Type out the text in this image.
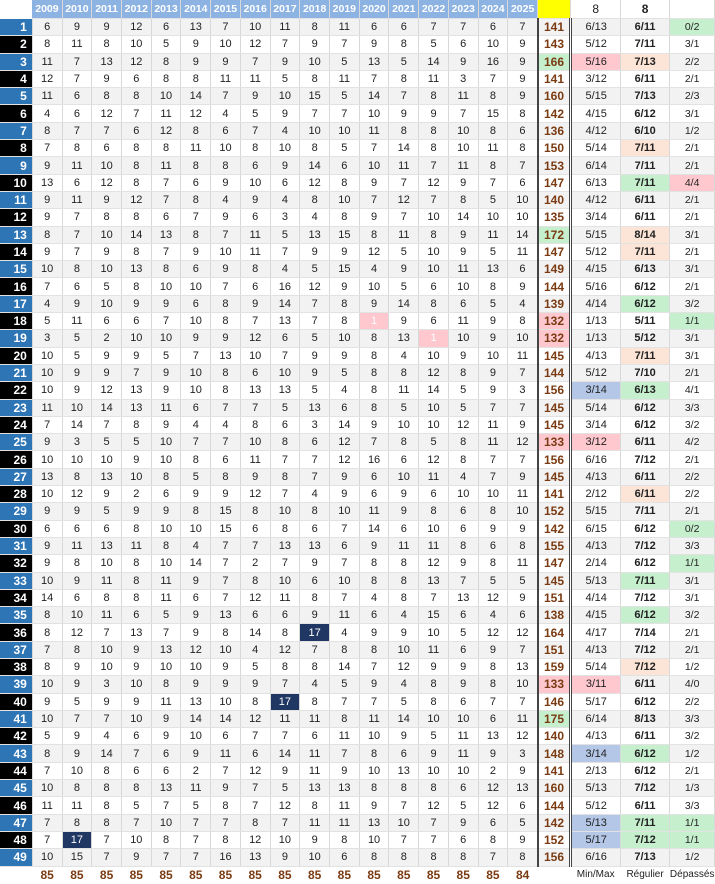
	2009	2010	2011	2012	2013	2014	2015	2016	2017	2018	2019	2020	2021	2022	2023	2024	2025		8	8	
1	6	9	9	12	6	13	7	10	11	8	11	6	6	7	7	6	7	141	6/13	6/11	0/2
2	8	11	8	10	5	9	10	12	7	9	7	9	8	5	6	10	9	143	5/12	7/11	3/1
3	11	7	13	12	8	9	9	7	9	10	5	13	5	14	9	16	9	166	5/16	7/13	2/2
4	12	7	9	6	8	8	11	11	5	8	11	7	8	11	3	7	9	141	3/12	6/11	2/1
5	11	6	8	8	10	14	7	9	10	15	5	14	7	8	11	8	9	160	5/15	7/13	2/3
6	4	6	12	7	11	12	4	5	9	7	7	10	9	9	7	15	8	142	4/15	6/12	3/1
7	8	7	7	6	12	8	6	7	4	10	10	11	8	8	10	8	6	136	4/12	6/10	1/2
8	7	8	6	8	8	11	10	8	10	8	5	7	14	8	10	11	8	150	5/14	7/11	2/1
9	9	11	10	8	11	8	8	6	9	14	6	10	11	7	11	8	7	153	6/14	7/11	2/1
10	13	6	12	8	7	6	9	10	6	12	8	9	7	12	9	7	6	147	6/13	7/11	4/4
11	9	11	9	12	7	8	4	9	4	8	10	7	12	7	8	5	10	140	4/12	6/11	2/1
12	9	7	8	8	6	7	9	6	3	4	8	9	7	10	14	10	10	135	3/14	6/11	2/1
13	8	7	10	14	13	8	7	11	5	13	15	8	11	8	9	11	14	172	5/15	8/14	3/1
14	9	7	9	8	7	9	10	11	7	9	9	12	5	10	9	5	11	147	5/12	7/11	2/1
15	10	8	10	13	8	6	9	8	4	5	15	4	9	10	11	13	6	149	4/15	6/13	3/1
16	7	6	5	8	10	10	7	6	16	12	9	10	5	6	10	8	9	144	5/16	6/12	2/1
17	4	9	10	9	9	6	8	9	14	7	8	9	14	8	6	5	4	139	4/14	6/12	3/2
18	5	11	6	6	7	10	8	7	13	7	8	1	9	6	11	9	8	132	1/13	5/11	1/1
19	3	5	2	10	10	9	9	12	6	5	10	8	13	1	10	9	10	132	1/13	5/12	3/1
20	10	5	9	9	5	7	13	10	7	9	9	8	4	10	9	10	11	145	4/13	7/11	3/1
21	10	9	9	7	9	10	8	6	10	9	5	8	8	12	8	9	7	144	5/12	7/10	2/1
22	10	9	12	13	9	10	8	13	13	5	4	8	11	14	5	9	3	156	3/14	6/13	4/1
23	11	10	14	13	11	6	7	7	5	13	6	8	5	10	5	7	7	145	5/14	6/12	3/3
24	7	14	7	8	9	4	4	8	6	3	14	9	10	10	12	11	9	145	3/14	6/12	3/2
25	9	3	5	5	10	7	7	10	8	6	12	7	8	5	8	11	12	133	3/12	6/11	4/2
26	10	10	10	9	10	8	6	11	7	7	12	16	6	12	8	7	7	156	6/16	7/12	2/1
27	13	8	13	10	8	5	8	9	8	7	9	6	10	11	4	7	9	145	4/13	6/11	2/2
28	10	12	9	2	6	9	9	12	7	4	9	6	9	6	10	10	11	141	2/12	6/11	2/2
29	9	9	5	9	9	8	15	8	10	8	10	11	9	8	6	8	10	152	5/15	7/11	2/1
30	6	6	6	8	10	10	15	6	8	6	7	14	6	10	6	9	9	142	6/15	6/12	0/2
31	9	11	13	11	8	4	7	7	13	13	6	9	11	11	8	6	8	155	4/13	7/12	3/3
32	9	8	10	8	10	14	7	2	7	9	7	8	8	12	9	8	11	147	2/14	6/12	1/1
33	10	9	11	8	11	9	7	8	10	6	10	8	8	13	7	5	5	145	5/13	7/11	3/1
34	14	6	8	8	11	6	7	12	11	8	7	4	8	7	13	12	9	151	4/14	7/12	3/1
35	8	10	11	6	5	9	13	6	6	9	11	6	4	15	6	4	6	138	4/15	6/12	3/2
36	8	12	7	13	7	9	8	14	8	17	4	9	9	10	5	12	12	164	4/17	7/14	2/1
37	7	8	10	9	13	12	10	4	12	7	8	8	10	11	6	9	7	151	4/13	7/12	2/1
38	8	9	10	9	10	10	9	5	8	8	14	7	12	9	9	8	13	159	5/14	7/12	1/2
39	10	9	3	10	8	9	9	9	7	4	5	9	4	8	9	8	10	133	3/11	6/11	4/0
40	9	5	9	9	11	13	10	8	17	8	7	7	5	8	6	7	7	146	5/17	6/12	2/2
41	10	7	7	10	9	14	14	12	11	11	8	11	14	10	10	6	11	175	6/14	8/13	3/3
42	5	9	4	6	9	10	6	7	7	6	11	10	9	5	11	13	12	140	4/13	6/11	3/2
43	8	9	14	7	6	9	11	6	14	11	7	8	6	9	11	9	3	148	3/14	6/12	1/2
44	7	10	8	6	6	2	7	12	9	11	9	10	13	10	10	2	9	141	2/13	6/12	2/1
45	10	8	8	8	13	11	9	7	5	13	13	8	8	8	6	12	13	160	5/13	7/12	1/3
46	11	11	8	5	7	5	8	7	12	8	11	9	7	12	5	12	6	144	5/12	6/11	3/3
47	7	8	8	7	10	7	7	8	7	11	11	13	10	7	9	6	5	142	5/13	7/11	1/1
48	7	17	7	10	8	7	8	12	10	9	8	10	7	7	6	8	9	152	5/17	7/12	1/1
49	10	15	7	9	7	7	16	13	9	10	6	8	8	8	8	7	8	156	6/16	7/13	1/2
	85	85	85	85	85	85	85	85	85	85	85	85	85	85	85	85	84		Min/Max	Régulier	Dépassés
